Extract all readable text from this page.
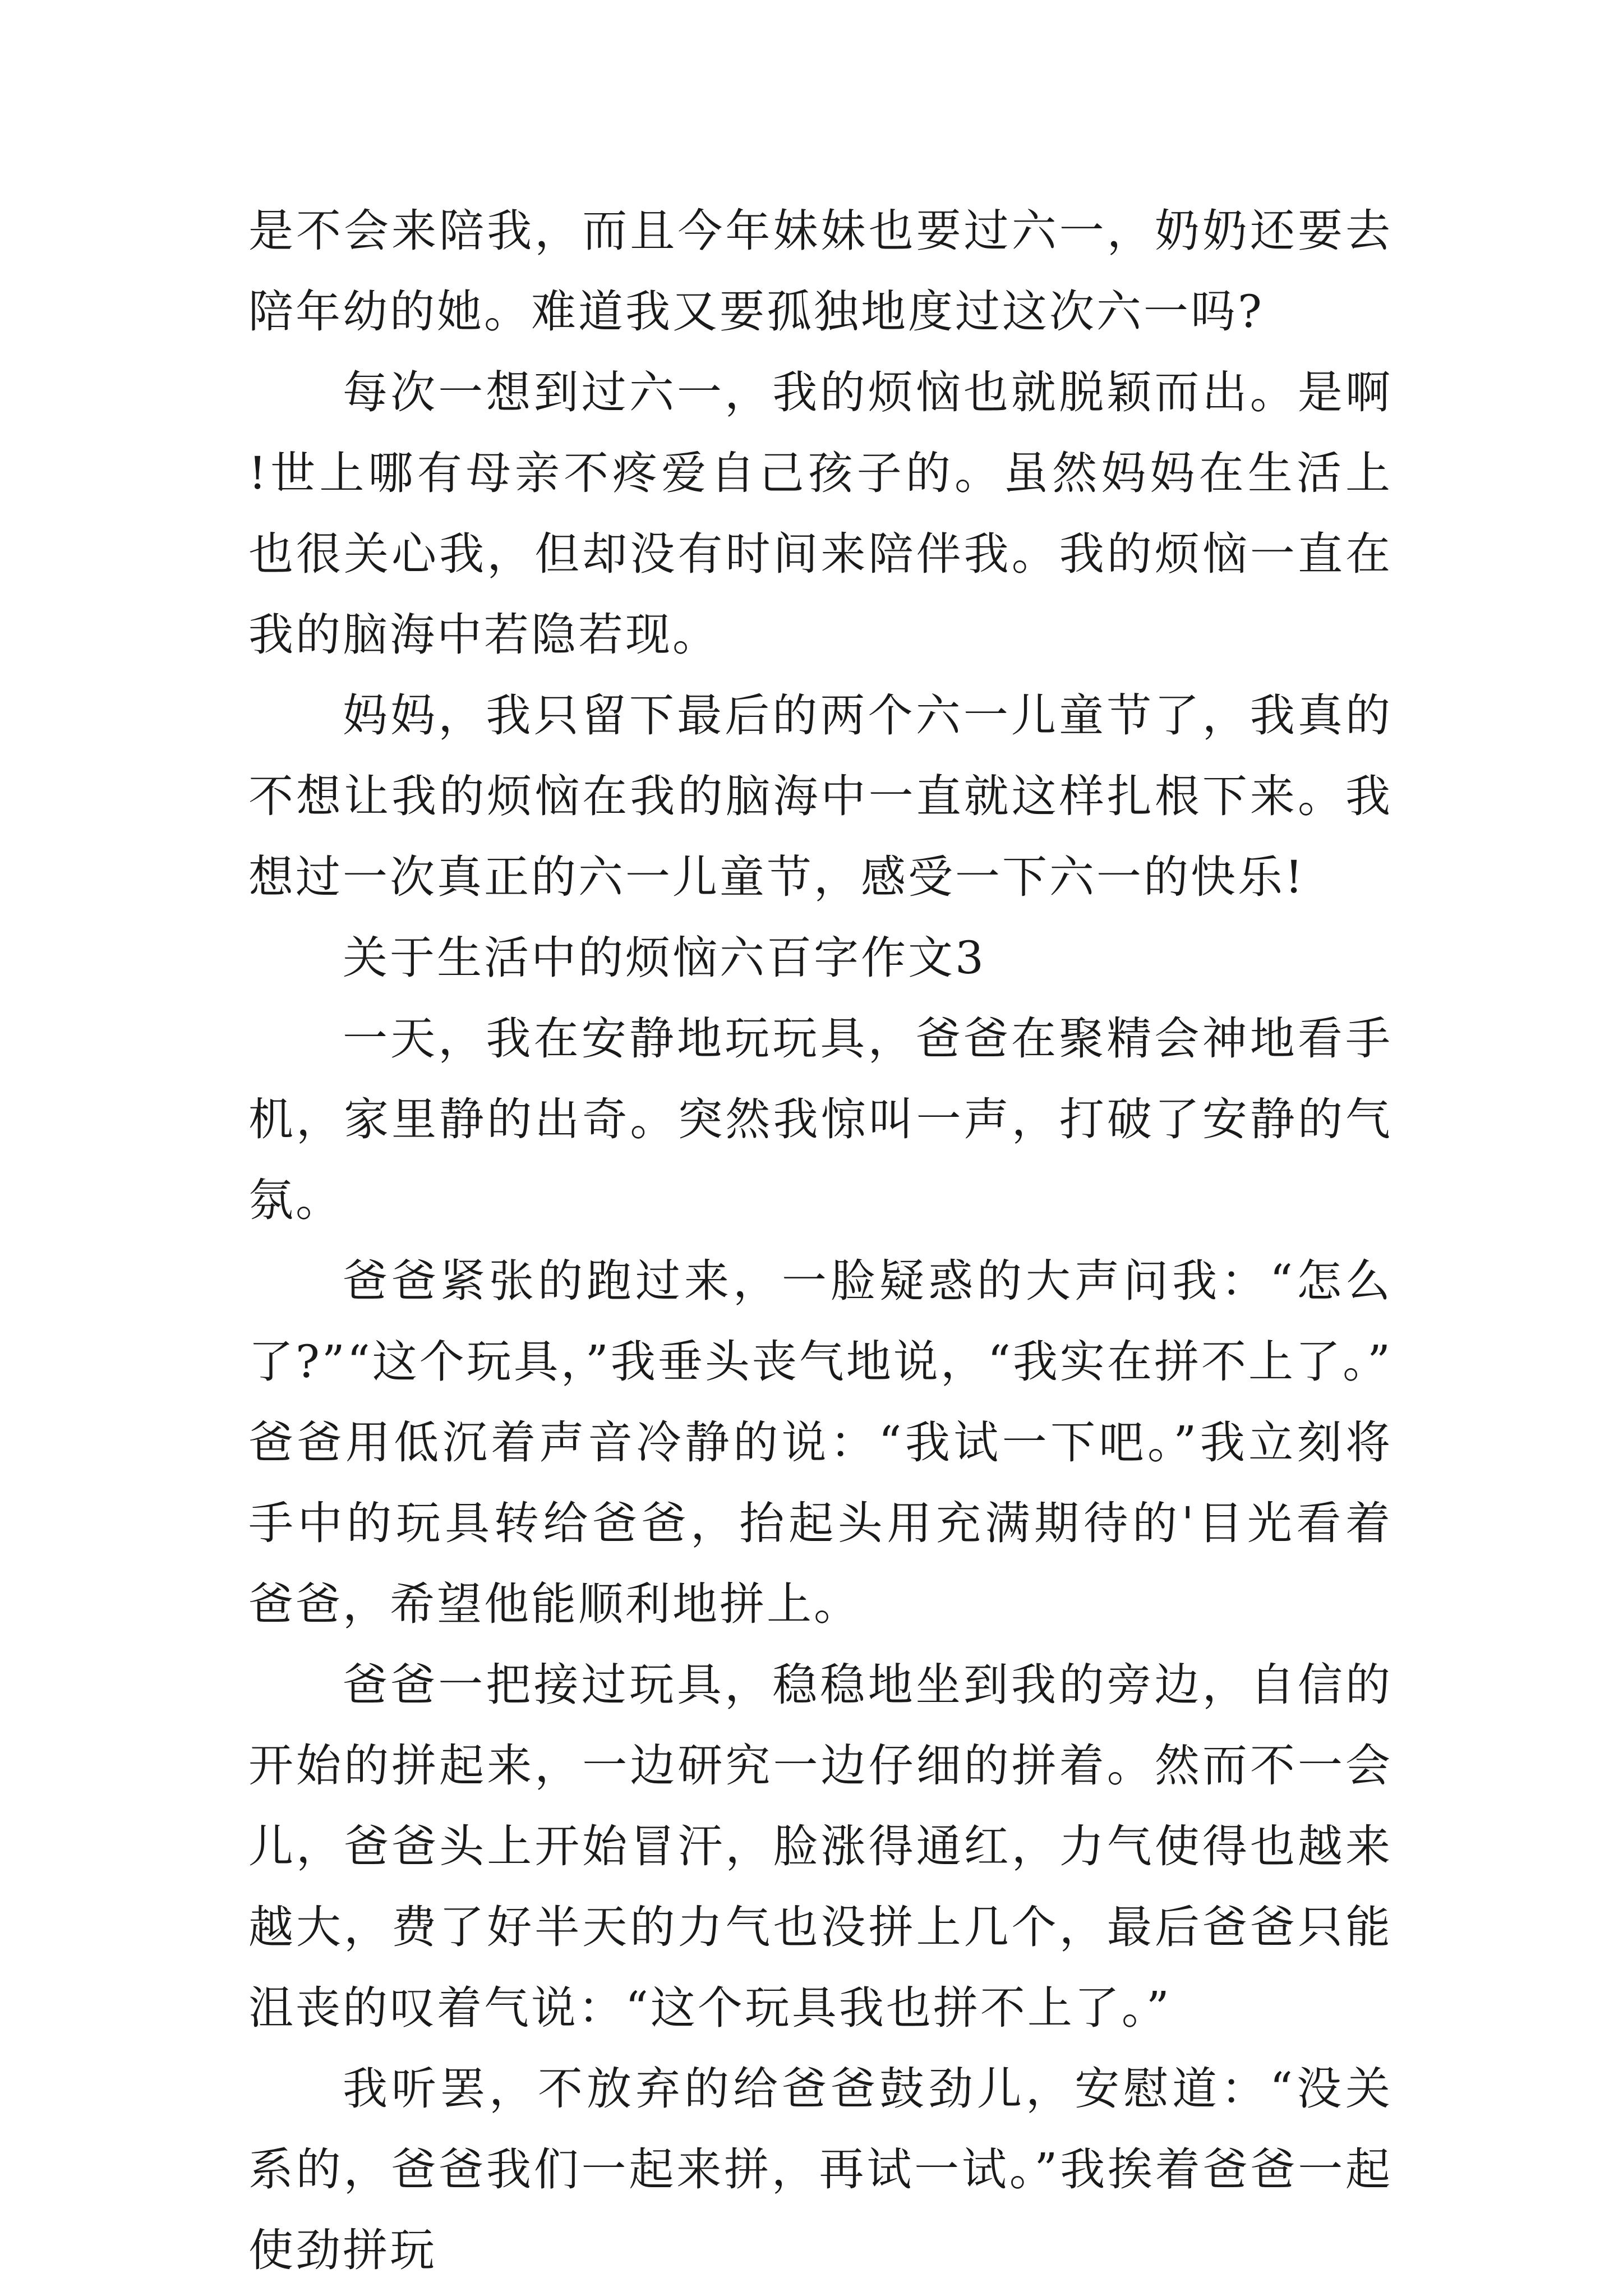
是不会来陪我，而且今年妹妹也要过六一，奶奶还要去陪年幼的她。难道我又要孤独地度过这次六一吗?

每次一想到过六一，我的烦恼也就脱颖而出。是啊!世上哪有母亲不疼爱自己孩子的。虽然妈妈在生活上也很关心我，但却没有时间来陪伴我。我的烦恼一直在我的脑海中若隐若现。

妈妈，我只留下最后的两个六一儿童节了，我真的不想让我的烦恼在我的脑海中一直就这样扎根下来。我想过一次真正的六一儿童节，感受一下六一的快乐!

关于生活中的烦恼六百字作文3

一天，我在安静地玩玩具，爸爸在聚精会神地看手机，家里静的出奇。突然我惊叫一声，打破了安静的气氛。

爸爸紧张的跑过来，一脸疑惑的大声问我：“怎么了?”“这个玩具，”我垂头丧气地说，“我实在拼不上了。”爸爸用低沉着声音冷静的说：“我试一下吧。”我立刻将手中的玩具转给爸爸，抬起头用充满期待的'目光看着爸爸，希望他能顺利地拼上。

爸爸一把接过玩具，稳稳地坐到我的旁边，自信的开始的拼起来，一边研究一边仔细的拼着。然而不一会儿，爸爸头上开始冒汗，脸涨得通红，力气使得也越来越大，费了好半天的力气也没拼上几个，最后爸爸只能沮丧的叹着气说：“这个玩具我也拼不上了。”

我听罢，不放弃的给爸爸鼓劲儿，安慰道：“没关系的，爸爸我们一起来拼，再试一试。”我挨着爸爸一起使劲拼玩
